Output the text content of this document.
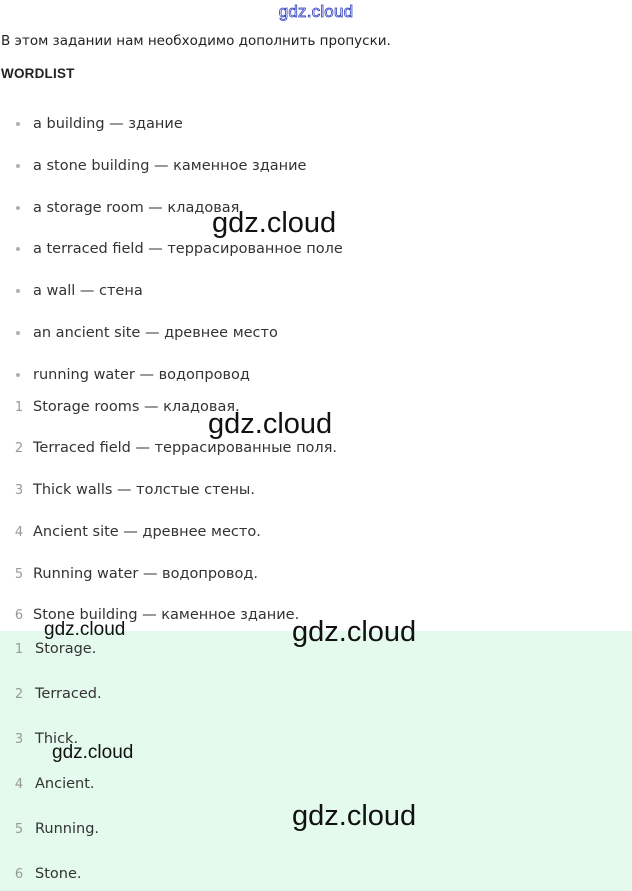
gdz.cloud
В этом задании нам необходимо дополнить пропуски.
WORDLIST
a building — здание
a stone building — каменное здание
a storage room — кладовая
a terraced field — террасированное поле
a wall — стена
an ancient site — древнее место
running water — водопровод
1 Storage rooms — кладовая.
2 Terraced field — террасированные поля.
3 Thick walls — толстые стены.
4 Ancient site — древнее место.
5 Running water — водопровод.
6 Stone building — каменное здание.
1 Storage.
2 Terraced.
3 Thick.
4 Ancient.
5 Running.
6 Stone.
gdz.cloud
gdz.cloud
gdz.cloud	gdz.cloud
gdz.cloud
gdz.cloud
